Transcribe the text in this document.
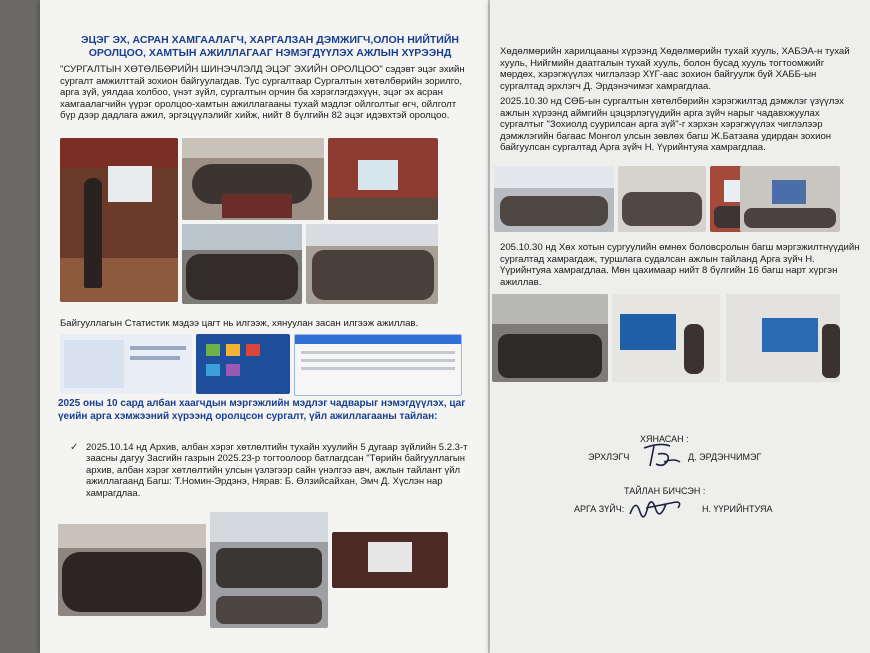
ЭЦЭГ ЭХ, АСРАН ХАМГААЛАГЧ, ХАРГАЛЗАН ДЭМЖИГЧ,ОЛОН НИЙТИЙН ОРОЛЦОО, ХАМТЫН АЖИЛЛАГААГ НЭМЭГДҮҮЛЭХ АЖЛЫН ХҮРЭЭНД
"СУРГАЛТЫН ХӨТӨЛБӨРИЙН ШИНЭЧЛЭЛД ЭЦЭГ ЭХИЙН ОРОЛЦОО" сэдэвт эцэг эхийн сургалт амжилттай зохион байгуулагдав. Тус сургалтаар Сургалтын хөтөлбөрийн зорилго, арга зүй, уялдаа холбоо, үнэт зүйл, сургалтын орчин ба хэрэглэгдэхүүн, эцэг эх асран хамгаалагчийн үүрэг оролцоо-хамтын ажиллагааны тухай мэдлэг ойлголтыг өгч, ойлголт бүр дээр дадлага ажил, эргэцүүлэлийг хийж, нийт 8 бүлгийн 82 эцэг идэвхтэй оролцоо.
Байгууллагын Статистик мэдээ цагт нь илгээж, хянуулан засан илгээж ажиллав.
2025 оны 10 сард албан хаагчдын мэргэжлийн мэдлэг чадварыг нэмэгдүүлэх, цаг үеийн арга хэмжээний хүрээнд оролцсон сургалт, үйл ажиллагааны тайлан:
✓ 2025.10.14 нд Архив, албан хэрэг хөтлөлтийн тухайн хуулийн 5 дугаар зүйлийн 5.2.3-т заасны дагуу Засгийн газрын 2025.23-р тогтоолоор батлагдсан "Төрийн байгууллагын архив, албан хэрэг хөтлөлтийн улсын үзлэгээр сайн үнэлгээ авч, ажлын тайлант үйл ажиллагаанд Багш: Т.Номин-Эрдэнэ, Нярав: Б. Өлзийсайхан, Эмч Д. Хүслэн нар хамрагдлаа.
Хөдөлмөрийн харилцааны хүрээнд Хөдөлмөрийн тухай хууль, ХАБЭА-н тухай хууль, Нийгмийн даатгалын тухай хууль, болон бусад хууль тогтоомжийг мөрдөх, хэрэгжүүлэх чиглэлээр ХҮГ-аас зохион байгуулж буй ХАББ-ын сургалтад эрхлэгч Д. Эрдэнэчимэг хамрагдлаа.
2025.10.30 нд СӨБ-ын сургалтын хөтөлбөрийн хэрэгжилтэд дэмжлэг үзүүлэх ажлын хүрээнд аймгийн цэцэрлэгүүдийн арга зүйч нарыг чадавхжуулах сургалтыг "Зохиолд суурилсан арга зүй"-г хэрхэн хэрэгжүүлэх чиглэлээр дэмжлэгийн багаас Монгол улсын зөвлөх багш Ж.Батзаяа удирдан зохион байгуулсан сургалтад Арга зүйч Н. Үүрийнтуяа хамрагдлаа.
205.10.30 нд Хөх хотын сургуулийн өмнөх боловсролын багш мэргэжилтнүүдийн сургалтад хамрагдаж, туршлага судалсан ажлын тайланд Арга зүйч Н. Үүрийнтуяа хамрагдлаа. Мөн цахимаар нийт 8 бүлгийн 16 багш нарт хүргэн ажиллав.
ХЯНАСАН :
ЭРХЛЭГЧ	Д. ЭРДЭНЧИМЭГ
ТАЙЛАН БИЧСЭН :
АРГА ЗҮЙЧ:	Н. ҮҮРИЙНТУЯА
